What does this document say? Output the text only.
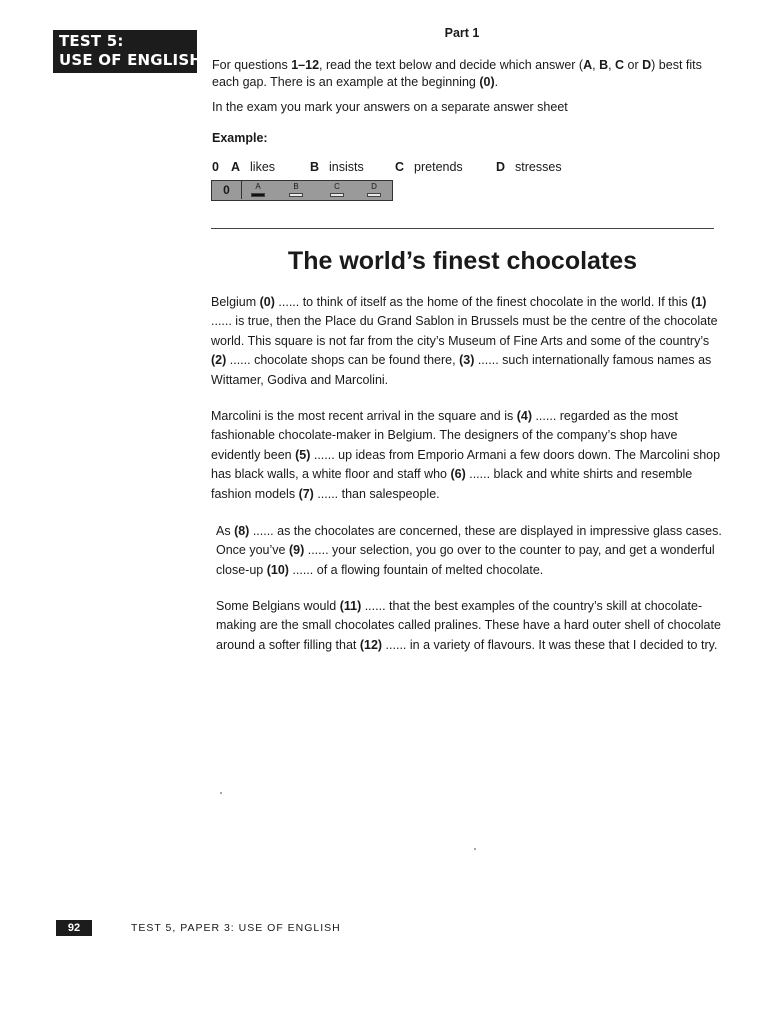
TEST 5:
USE OF ENGLISH
Part 1
For questions 1–12, read the text below and decide which answer (A, B, C or D) best fits each gap. There is an example at the beginning (0).
In the exam you mark your answers on a separate answer sheet
Example:
0 A likes	B insists C pretends	D stresses
0	A	B	C	D
The world’s finest chocolates
Belgium (0) ...... to think of itself as the home of the finest chocolate in the world. If this (1) ...... is true, then the Place du Grand Sablon in Brussels must be the centre of the chocolate world. This square is not far from the city’s Museum of Fine Arts and some of the country’s (2) ...... chocolate shops can be found there, (3) ...... such internationally famous names as Wittamer, Godiva and Marcolini.
Marcolini is the most recent arrival in the square and is (4) ...... regarded as the most fashionable chocolate-maker in Belgium. The designers of the company’s shop have evidently been (5) ...... up ideas from Emporio Armani a few doors down. The Marcolini shop has black walls, a white floor and staff who (6) ...... black and white shirts and resemble fashion models (7) ...... than salespeople.
As (8) ...... as the chocolates are concerned, these are displayed in impressive glass cases. Once you’ve (9) ...... your selection, you go over to the counter to pay, and get a wonderful close-up (10) ...... of a flowing fountain of melted chocolate.
Some Belgians would (11) ...... that the best examples of the country’s skill at chocolate-making are the small chocolates called pralines. These have a hard outer shell of chocolate around a softer filling that (12) ...... in a variety of flavours. It was these that I decided to try.
92	TEST 5, PAPER 3: USE OF ENGLISH
